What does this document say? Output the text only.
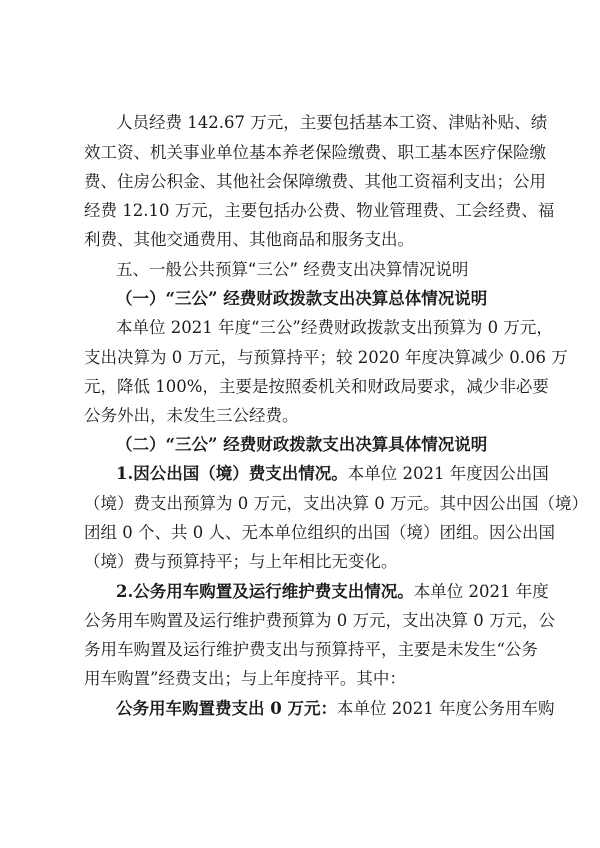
人员经费 142.67 万元，主要包括基本工资、津贴补贴、绩
效工资、机关事业单位基本养老保险缴费、职工基本医疗保险缴
费、住房公积金、其他社会保障缴费、其他工资福利支出；公用
经费 12.10 万元，主要包括办公费、物业管理费、工会经费、福
利费、其他交通费用、其他商品和服务支出。
五、一般公共预算“三公” 经费支出决算情况说明
（一）“三公” 经费财政拨款支出决算总体情况说明
本单位 2021 年度“三公”经费财政拨款支出预算为 0 万元，
支出决算为 0 万元，与预算持平；较 2020 年度决算减少 0.06 万
元，降低 100%，主要是按照委机关和财政局要求，减少非必要
公务外出，未发生三公经费。
（二）“三公” 经费财政拨款支出决算具体情况说明
1.因公出国（境）费支出情况。本单位 2021 年度因公出国
（境）费支出预算为 0 万元，支出决算 0 万元。其中因公出国（境）
团组 0 个、共 0 人、无本单位组织的出国（境）团组。因公出国
（境）费与预算持平；与上年相比无变化。
2.公务用车购置及运行维护费支出情况。本单位 2021 年度
公务用车购置及运行维护费预算为 0 万元，支出决算 0 万元，公
务用车购置及运行维护费支出与预算持平，主要是未发生“公务
用车购置”经费支出；与上年度持平。其中：
公务用车购置费支出 0 万元：本单位 2021 年度公务用车购
